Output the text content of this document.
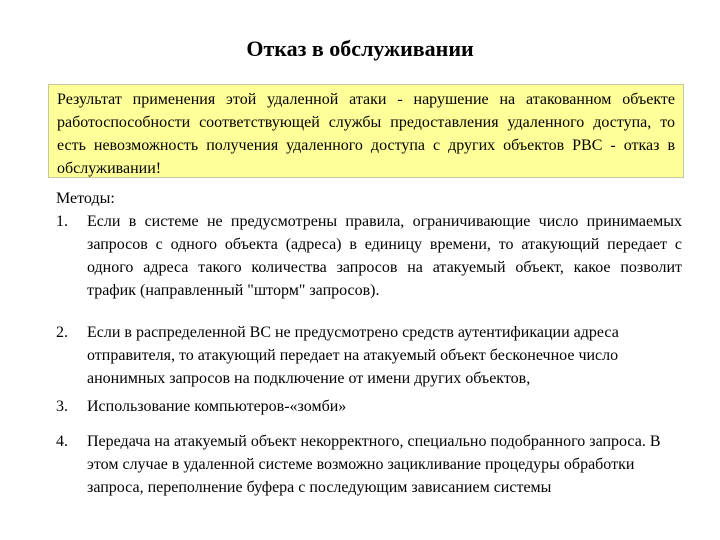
Отказ в обслуживании
Результат применения этой удаленной атаки - нарушение на атакованном объекте работоспособности соответствующей службы предоставления удаленного доступа, то есть невозможность получения удаленного доступа с других объектов РВС - отказ в обслуживании!

Методы:

1. Если в системе не предусмотрены правила, ограничивающие число принимаемых запросов с одного объекта (адреса) в единицу времени, то атакующий передает с одного адреса такого количества запросов на атакуемый объект, какое позволит трафик (направленный "шторм" запросов).
2. Если в распределенной ВС не предусмотрено средств аутентификации адреса отправителя, то атакующий передает на атакуемый объект бесконечное число анонимных запросов на подключение от имени других объектов,
3. Использование компьютеров-«зомби»
4. Передача на атакуемый объект некорректного, специально подобранного запроса. В этом случае в удаленной системе возможно зацикливание процедуры обработки запроса, переполнение буфера с последующим зависанием системы
